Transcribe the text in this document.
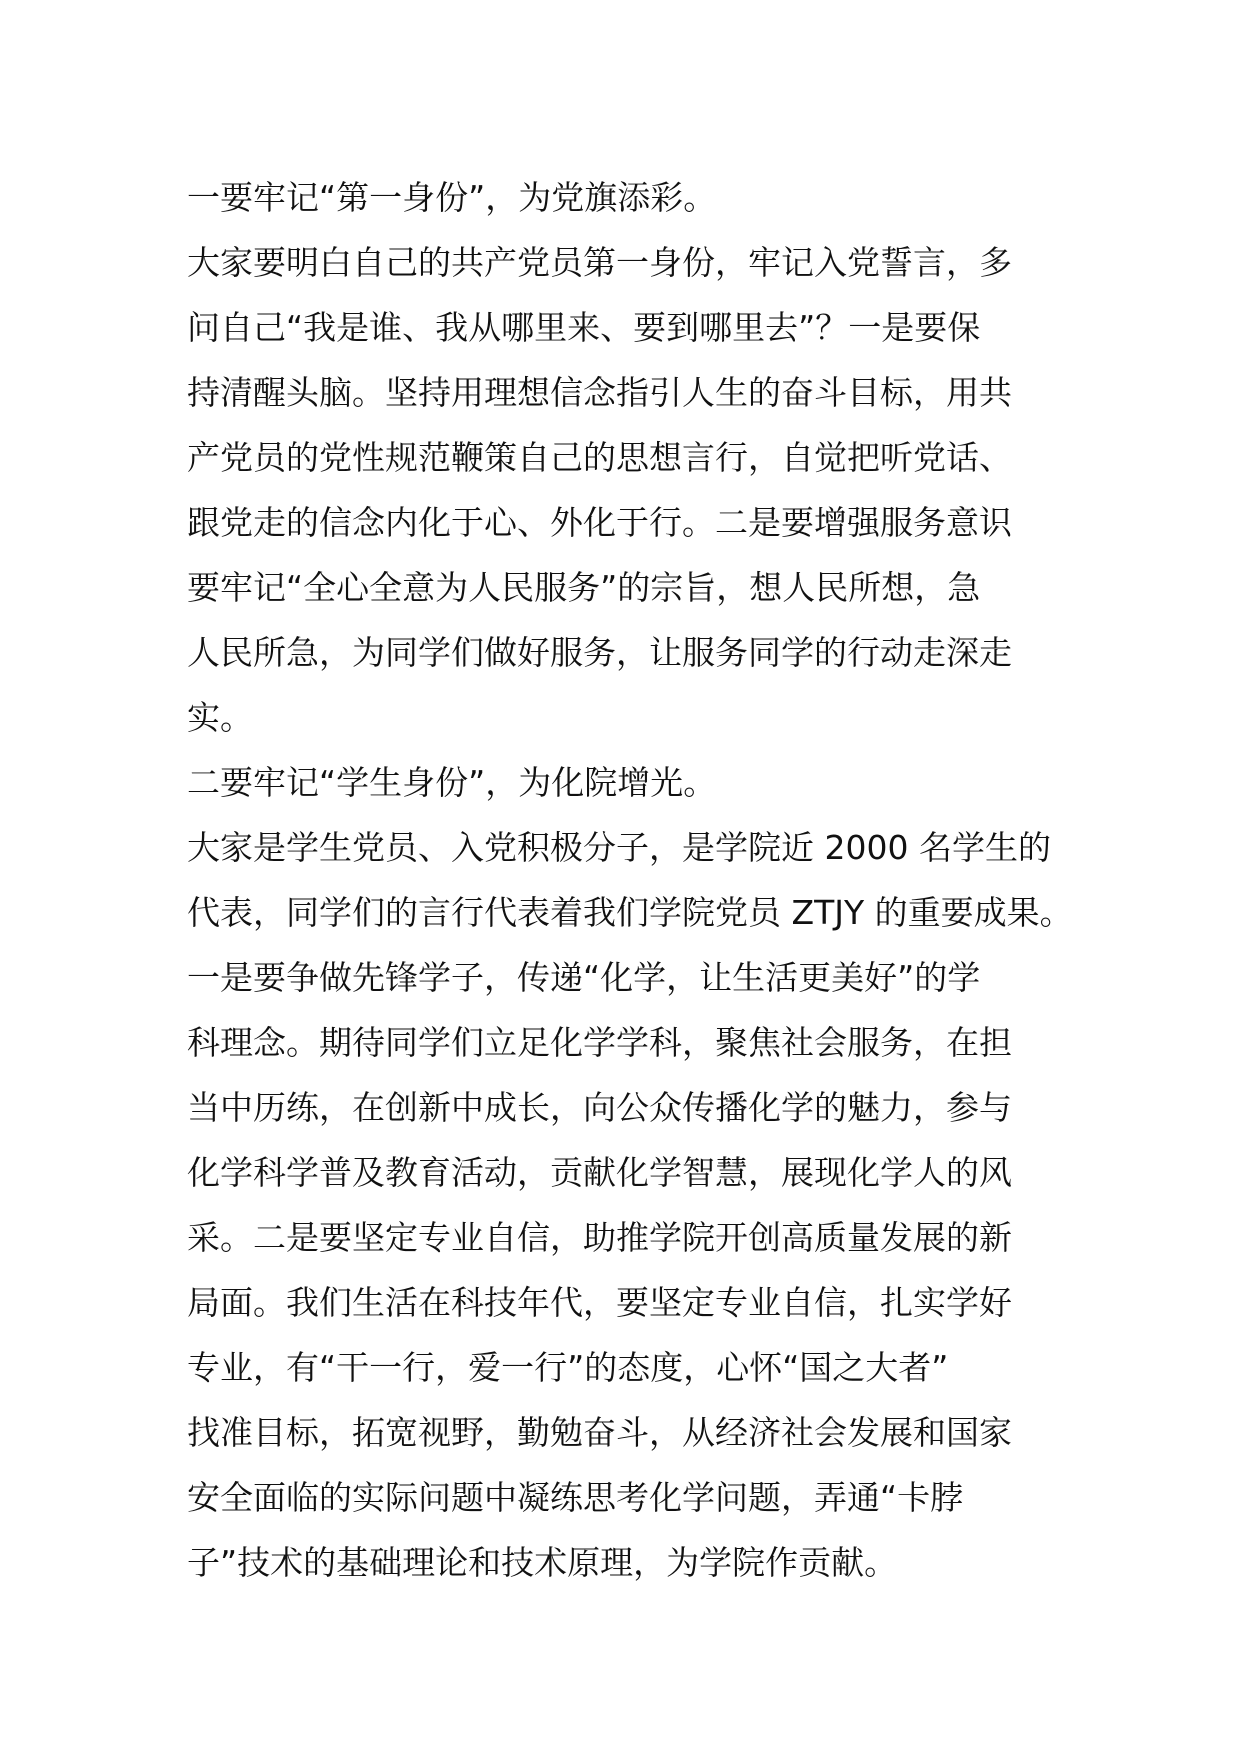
一要牢记“第一身份”，为党旗添彩。
大家要明白自己的共产党员第一身份，牢记入党誓言，多
问自己“我是谁、我从哪里来、要到哪里去”？一是要保
持清醒头脑。坚持用理想信念指引人生的奋斗目标，用共
产党员的党性规范鞭策自己的思想言行，自觉把听党话、
跟党走的信念内化于心、外化于行。二是要增强服务意识
要牢记“全心全意为人民服务”的宗旨，想人民所想，急
人民所急，为同学们做好服务，让服务同学的行动走深走
实。
二要牢记“学生身份”，为化院增光。
大家是学生党员、入党积极分子，是学院近 2000 名学生的
代表，同学们的言行代表着我们学院党员 ZTJY 的重要成果。
一是要争做先锋学子，传递“化学，让生活更美好”的学
科理念。期待同学们立足化学学科，聚焦社会服务，在担
当中历练，在创新中成长，向公众传播化学的魅力，参与
化学科学普及教育活动，贡献化学智慧，展现化学人的风
采。二是要坚定专业自信，助推学院开创高质量发展的新
局面。我们生活在科技年代，要坚定专业自信，扎实学好
专业，有“干一行，爱一行”的态度，心怀“国之大者”
找准目标，拓宽视野，勤勉奋斗，从经济社会发展和国家
安全面临的实际问题中凝练思考化学问题，弄通“卡脖
子”技术的基础理论和技术原理，为学院作贡献。
